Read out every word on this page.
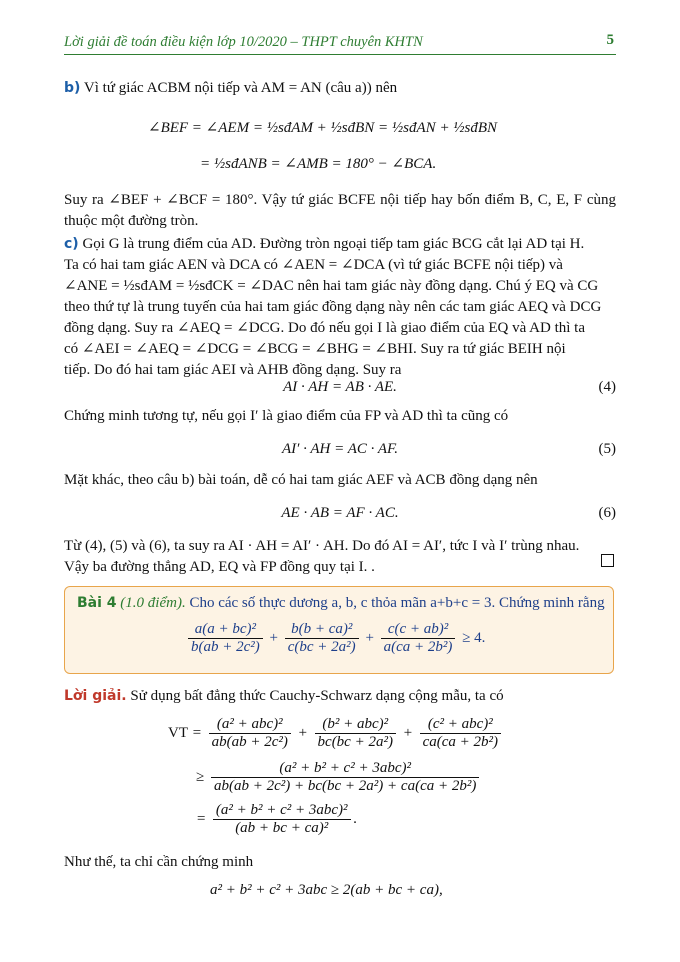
Lời giải đề toán điều kiện lớp 10/2020 – THPT chuyên KHTN	5

b) Vì tứ giác ACBM nội tiếp và AM = AN (câu a)) nên

∠BEF = ∠AEM = ½sđAM + ½sđBN = ½sđAN + ½sđBN
= ½sđANB = ∠AMB = 180° − ∠BCA.

Suy ra ∠BEF + ∠BCF = 180°. Vậy tứ giác BCFE nội tiếp hay bốn điểm B, C, E, F cùng thuộc một đường tròn.

c) Gọi G là trung điểm của AD. Đường tròn ngoại tiếp tam giác BCG cắt lại AD tại H.

Ta có hai tam giác AEN và DCA có ∠AEN = ∠DCA (vì tứ giác BCFE nội tiếp) và

∠ANE = ½sđAM = ½sđCK = ∠DAC nên hai tam giác này đồng dạng. Chú ý EQ và CG

theo thứ tự là trung tuyến của hai tam giác đồng dạng này nên các tam giác AEQ và DCG

đồng dạng. Suy ra ∠AEQ = ∠DCG. Do đó nếu gọi I là giao điểm của EQ và AD thì ta

có ∠AEI = ∠AEQ = ∠DCG = ∠BCG = ∠BHG = ∠BHI. Suy ra tứ giác BEIH nội

tiếp. Do đó hai tam giác AEI và AHB đồng dạng. Suy ra

AI · AH = AB · AE.	(4)

Chứng minh tương tự, nếu gọi I′ là giao điểm của FP và AD thì ta cũng có

AI′ · AH = AC · AF.	(5)

Mặt khác, theo câu b) bài toán, dễ có hai tam giác AEF và ACB đồng dạng nên

AE · AB = AF · AC.	(6)

Từ (4), (5) và (6), ta suy ra AI · AH = AI′ · AH. Do đó AI = AI′, tức I và I′ trùng nhau.

Vậy ba đường thẳng AD, EQ và FP đồng quy tại I. .

Bài 4 (1.0 điểm). Cho các số thực dương a, b, c thỏa mãn a+b+c = 3. Chứng minh rằng
$\frac{\text{a(a + bc)²}}{\text{b(ab + 2c²)}} + \frac{\text{b(b + ca)²}}{\text{c(bc + 2a²)}} + \frac{\text{c(c + ab)²}}{\text{a(ca + 2b²)}} \ge 4$.

Lời giải. Sử dụng bất đẳng thức Cauchy-Schwarz dạng cộng mẫu, ta có

VT = $\frac{\text{(a² + abc)²}}{\text{ab(ab + 2c²)}} + \frac{\text{(b² + abc)²}}{\text{bc(bc + 2a²)}} + \frac{\text{(c² + abc)²}}{\text{ca(ca + 2b²)}}$
≥ $\frac{\text{(a² + b² + c² + 3abc)²}}{\text{ab(ab + 2c²) + bc(bc + 2a²) + ca(ca + 2b²)}}$
= $\frac{\text{(a² + b² + c² + 3abc)²}}{\text{(ab + bc + ca)²}}$ .

Như thế, ta chỉ cần chứng minh

a² + b² + c² + 3abc ≥ 2(ab + bc + ca),
